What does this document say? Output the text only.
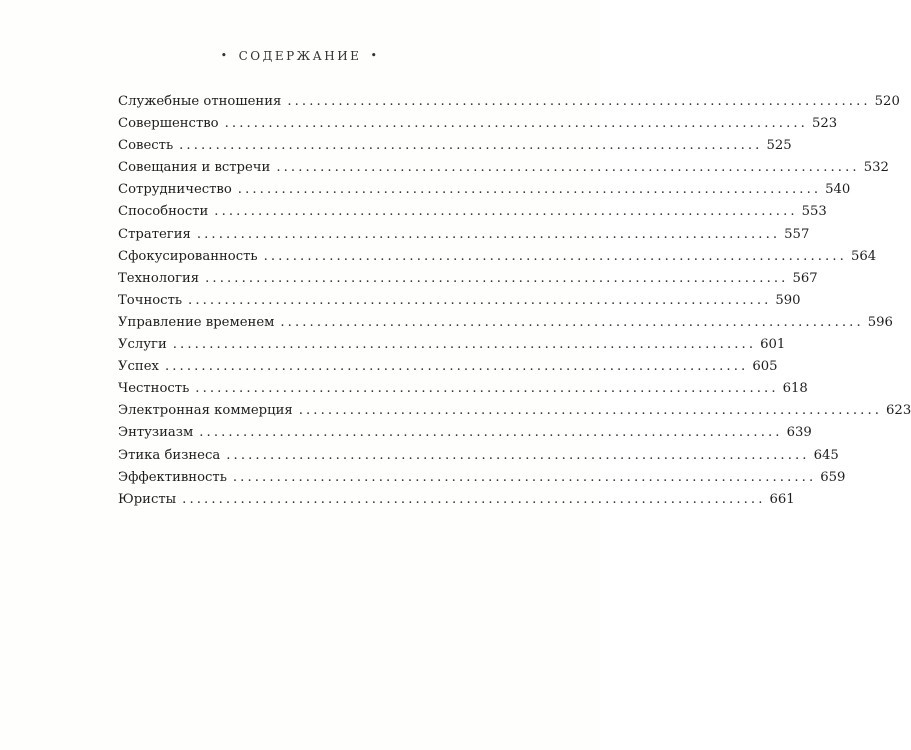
• СОДЕРЖАНИЕ •
Служебные отношения ................................................................................ 520
Совершенство ................................................................................ 523
Совесть ................................................................................ 525
Совещания и встречи ................................................................................ 532
Сотрудничество ................................................................................ 540
Способности ................................................................................ 553
Стратегия ................................................................................ 557
Сфокусированность ................................................................................ 564
Технология ................................................................................ 567
Точность ................................................................................ 590
Управление временем ................................................................................ 596
Услуги ................................................................................ 601
Успех ................................................................................ 605
Честность ................................................................................ 618
Электронная коммерция ................................................................................ 623
Энтузиазм ................................................................................ 639
Этика бизнеса ................................................................................ 645
Эффективность ................................................................................ 659
Юристы ................................................................................ 661
